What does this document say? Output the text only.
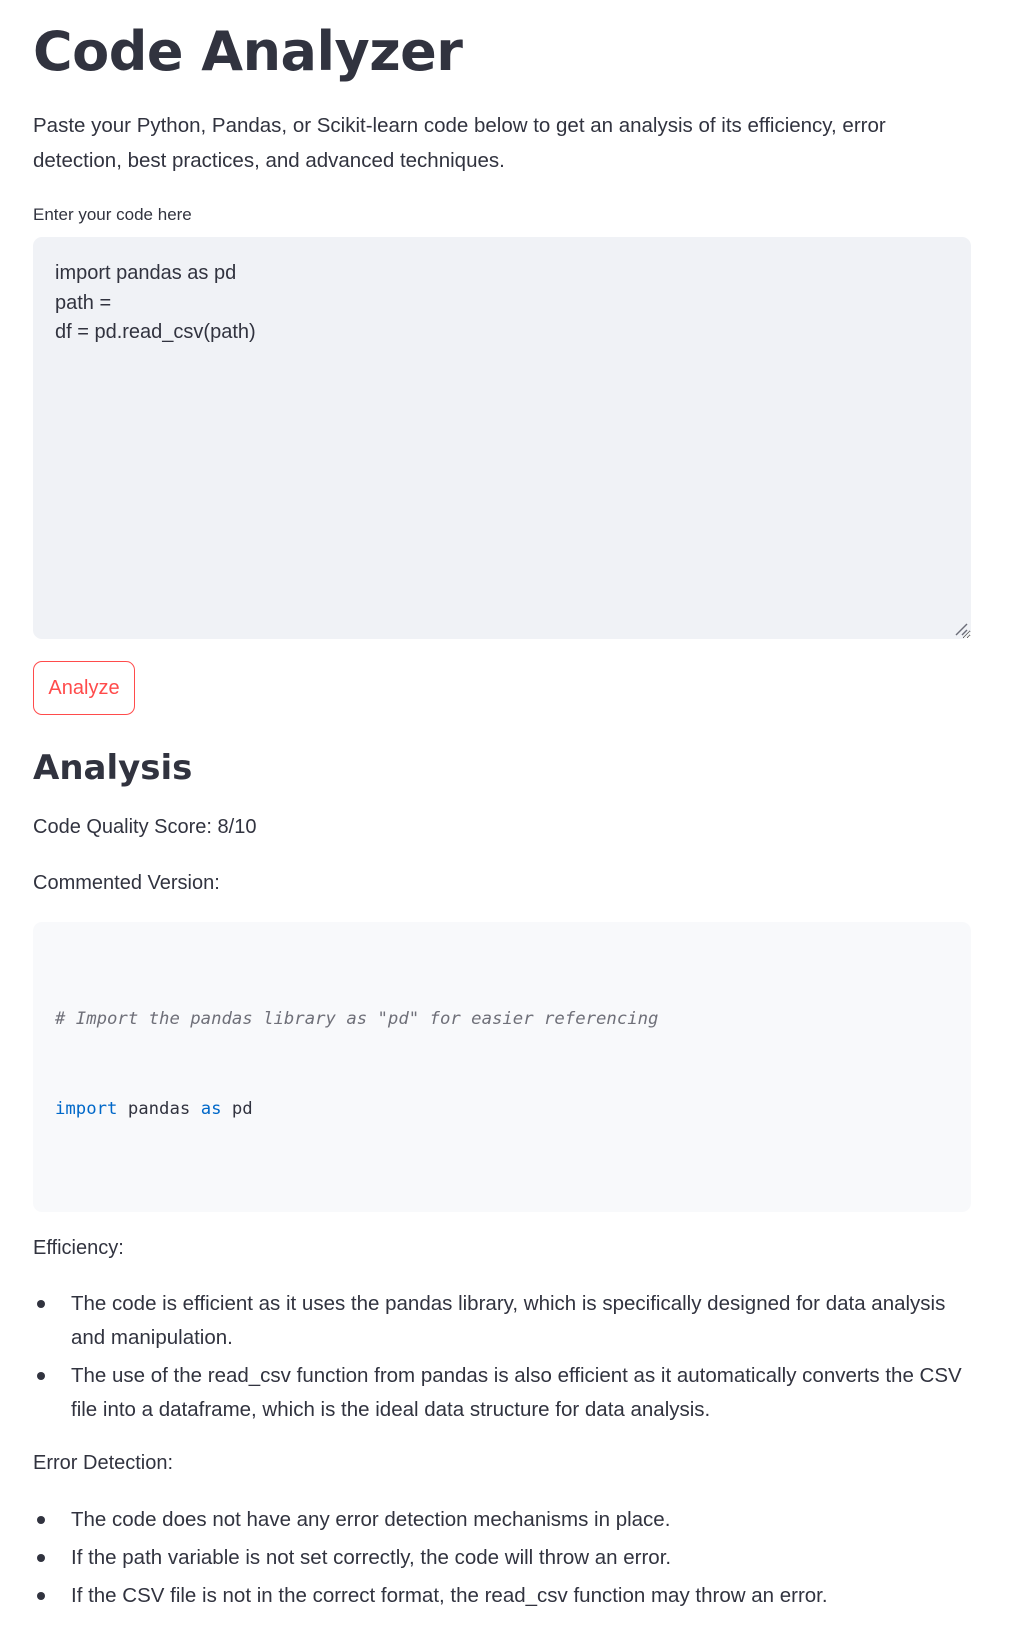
Code Analyzer

Paste your Python, Pandas, or Scikit-learn code below to get an analysis of its efficiency, error detection, best practices, and advanced techniques.

Enter your code here
import pandas as pd path = df = pd.read_csv(path)
Analyze
Analysis
Code Quality Score: 8/10
Commented Version:

# Import the pandas library as "pd" for easier referencing

import pandas as pd

Efficiency:
The code is efficient as it uses the pandas library, which is specifically designed for data analysis and manipulation.
The use of the read_csv function from pandas is also efficient as it automatically converts the CSV file into a dataframe, which is the ideal data structure for data analysis.
Error Detection:
The code does not have any error detection mechanisms in place.
If the path variable is not set correctly, the code will throw an error.
If the CSV file is not in the correct format, the read_csv function may throw an error.
